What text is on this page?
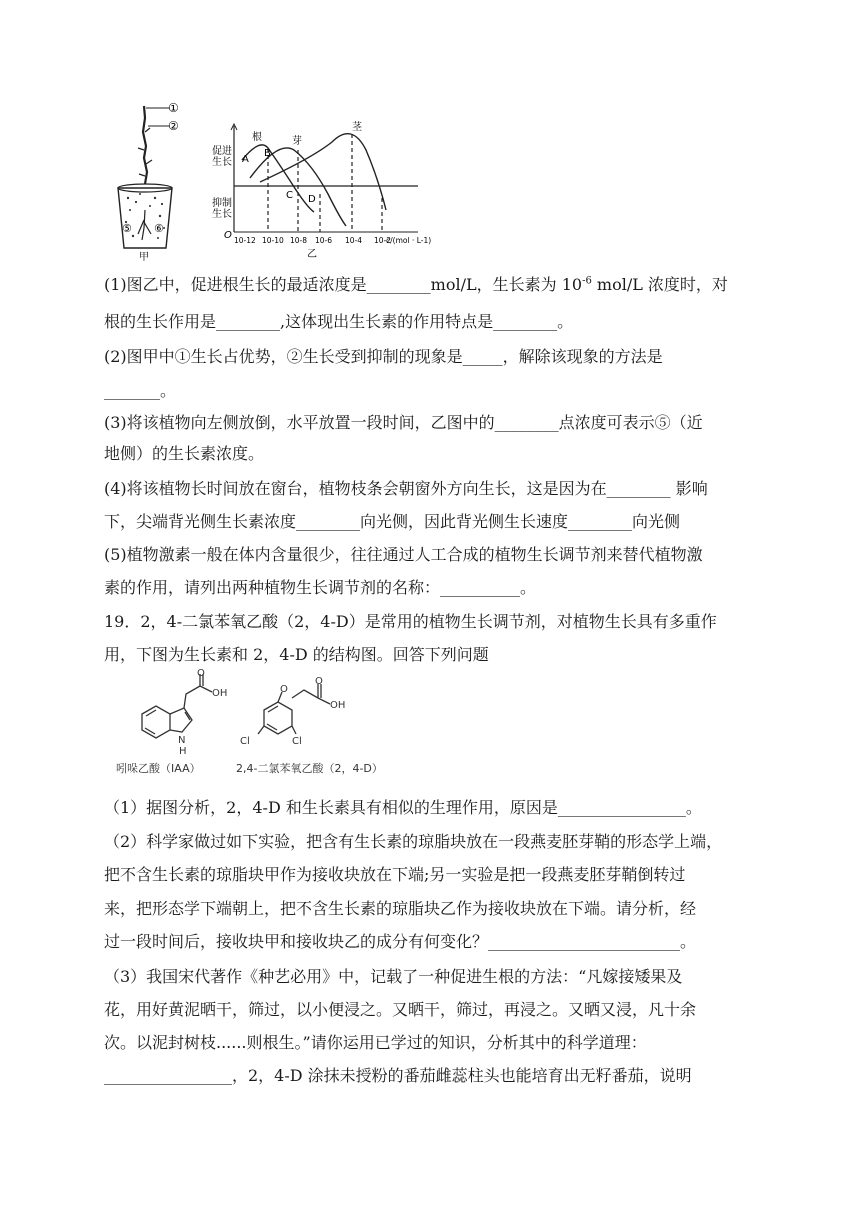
①
②
⑤ ⑥
甲
促进
生长
抑制
生长
O
根	芽
茎
A
B
C D
10-12 10-10 10-8 10-6 10-4 10-2
c/(mol · L-1)
乙
(1)图乙中，促进根生长的最适浓度是________mol/L，生长素为 $10^{-6}$ mol/L 浓度时，对
根的生长作用是________,这体现出生长素的作用特点是________。
(2)图甲中①生长占优势，②生长受到抑制的现象是_____，解除该现象的方法是
_______。
(3)将该植物向左侧放倒，水平放置一段时间，乙图中的________点浓度可表示⑤（近
地侧）的生长素浓度。
(4)将该植物长时间放在窗台，植物枝条会朝窗外方向生长，这是因为在________ 影响
下，尖端背光侧生长素浓度________向光侧，因此背光侧生长速度________向光侧
(5)植物激素一般在体内含量很少，往往通过人工合成的植物生长调节剂来替代植物激
素的作用，请列出两种植物生长调节剂的名称：__________。
19．2，4-二氯苯氧乙酸（2，4-D）是常用的植物生长调节剂，对植物生长具有多重作
用，下图为生长素和 2，4-D 的结构图。回答下列问题
O
OH
N
H
O
O
OH
Cl	Cl
吲哚乙酸（IAA）	2,4-二氯苯氧乙酸（2，4-D）
（1）据图分析，2，4-D 和生长素具有相似的生理作用，原因是________________。
（2）科学家做过如下实验，把含有生长素的琼脂块放在一段燕麦胚芽鞘的形态学上端，
把不含生长素的琼脂块甲作为接收块放在下端;另一实验是把一段燕麦胚芽鞘倒转过
来，把形态学下端朝上，把不含生长素的琼脂块乙作为接收块放在下端。请分析，经
过一段时间后，接收块甲和接收块乙的成分有何变化？________________________。
（3）我国宋代著作《种艺必用》中，记载了一种促进生根的方法：“凡嫁接矮果及
花，用好黄泥晒干，筛过，以小便浸之。又晒干，筛过，再浸之。又晒又浸，凡十余
次。以泥封树枝......则根生。”请你运用已学过的知识，分析其中的科学道理：
________________，2，4-D 涂抹未授粉的番茄雌蕊柱头也能培育出无籽番茄，说明
